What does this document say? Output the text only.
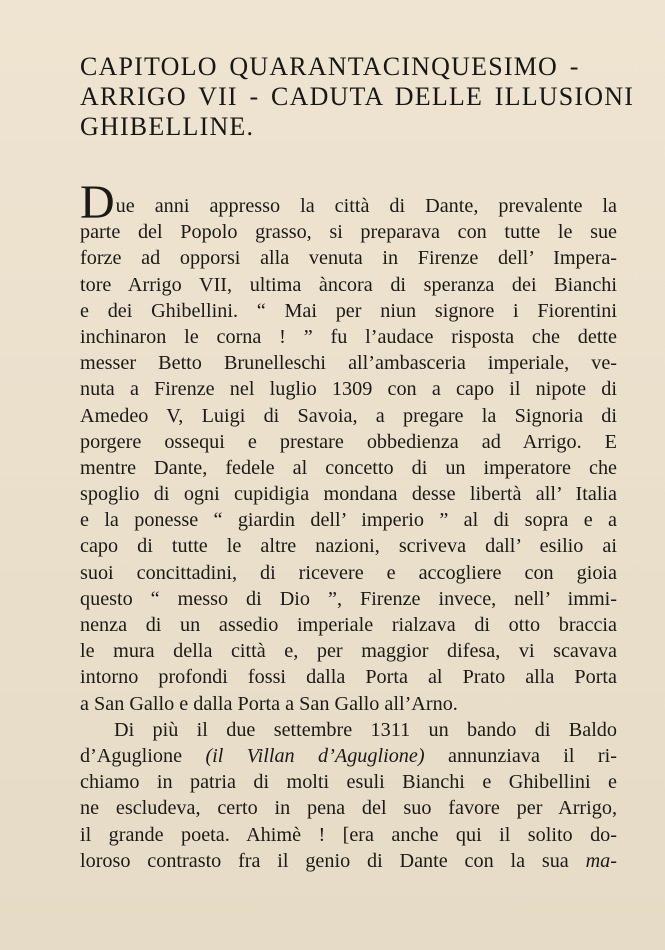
CAPITOLO QUARANTACINQUESIMO -
ARRIGO VII - CADUTA DELLE ILLUSIONI
GHIBELLINE.
Due anni appresso la città di Dante, prevalente la
parte del Popolo grasso, si preparava con tutte le sue
forze ad opporsi alla venuta in Firenze dell’ Impera-
tore Arrigo VII, ultima àncora di speranza dei Bianchi
e dei Ghibellini. “ Mai per niun signore i Fiorentini
inchinaron le corna ! ” fu l’audace risposta che dette
messer Betto Brunelleschi all’ambasceria imperiale, ve-
nuta a Firenze nel luglio 1309 con a capo il nipote di
Amedeo V, Luigi di Savoia, a pregare la Signoria di
porgere ossequi e prestare obbedienza ad Arrigo. E
mentre Dante, fedele al concetto di un imperatore che
spoglio di ogni cupidigia mondana desse libertà all’ Italia
e la ponesse “ giardin dell’ imperio ” al di sopra e a
capo di tutte le altre nazioni, scriveva dall’ esilio ai
suoi concittadini, di ricevere e accogliere con gioia
questo “ messo di Dio ”, Firenze invece, nell’ immi-
nenza di un assedio imperiale rialzava di otto braccia
le mura della città e, per maggior difesa, vi scavava
intorno profondi fossi dalla Porta al Prato alla Porta
a San Gallo e dalla Porta a San Gallo all’Arno.
Di più il due settembre 1311 un bando di Baldo
d’Aguglione (il Villan d’Aguglione) annunziava il ri-
chiamo in patria di molti esuli Bianchi e Ghibellini e
ne escludeva, certo in pena del suo favore per Arrigo,
il grande poeta. Ahimè ! [era anche qui il solito do-
loroso contrasto fra il genio di Dante con la sua ma-
